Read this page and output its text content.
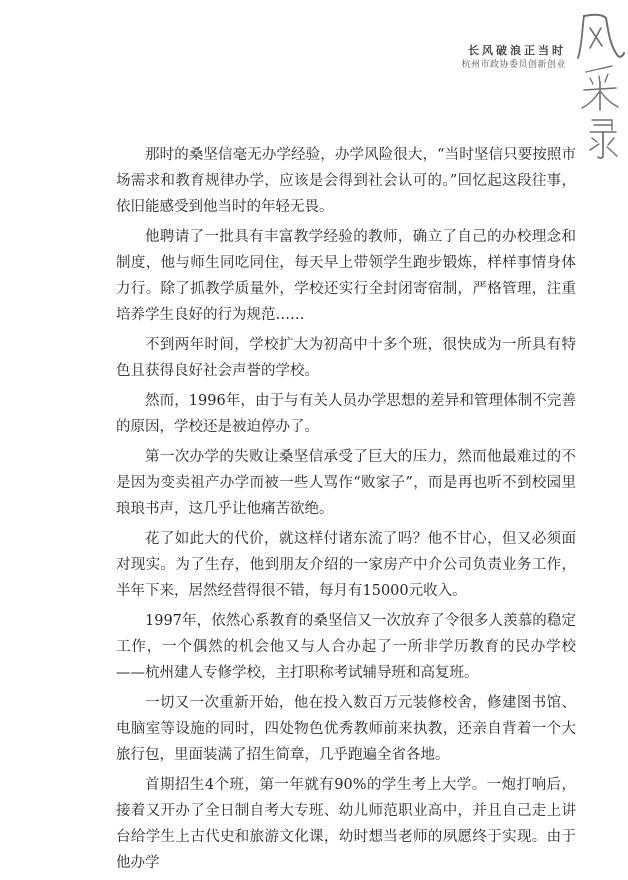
长风破浪正当时
杭州市政协委员创新创业
风采录

那时的桑坚信毫无办学经验，办学风险很大，“当时坚信只要按照市场需求和教育规律办学，应该是会得到社会认可的。”回忆起这段往事，依旧能感受到他当时的年轻无畏。

他聘请了一批具有丰富教学经验的教师，确立了自己的办校理念和制度，他与师生同吃同住，每天早上带领学生跑步锻炼，样样事情身体力行。除了抓教学质量外，学校还实行全封闭寄宿制，严格管理，注重培养学生良好的行为规范……

不到两年时间，学校扩大为初高中十多个班，很快成为一所具有特色且获得良好社会声誉的学校。

然而，1996年，由于与有关人员办学思想的差异和管理体制不完善的原因，学校还是被迫停办了。

第一次办学的失败让桑坚信承受了巨大的压力，然而他最难过的不是因为变卖祖产办学而被一些人骂作“败家子”，而是再也听不到校园里琅琅书声，这几乎让他痛苦欲绝。

花了如此大的代价，就这样付诸东流了吗？他不甘心，但又必须面对现实。为了生存，他到朋友介绍的一家房产中介公司负责业务工作，半年下来，居然经营得很不错，每月有15000元收入。

1997年，依然心系教育的桑坚信又一次放弃了令很多人羡慕的稳定工作，一个偶然的机会他又与人合办起了一所非学历教育的民办学校——杭州建人专修学校，主打职称考试辅导班和高复班。

一切又一次重新开始，他在投入数百万元装修校舍，修建图书馆、电脑室等设施的同时，四处物色优秀教师前来执教，还亲自背着一个大旅行包，里面装满了招生简章，几乎跑遍全省各地。

首期招生4个班，第一年就有90%的学生考上大学。一炮打响后，接着又开办了全日制自考大专班、幼儿师范职业高中，并且自己走上讲台给学生上古代史和旅游文化课，幼时想当老师的夙愿终于实现。由于他办学
